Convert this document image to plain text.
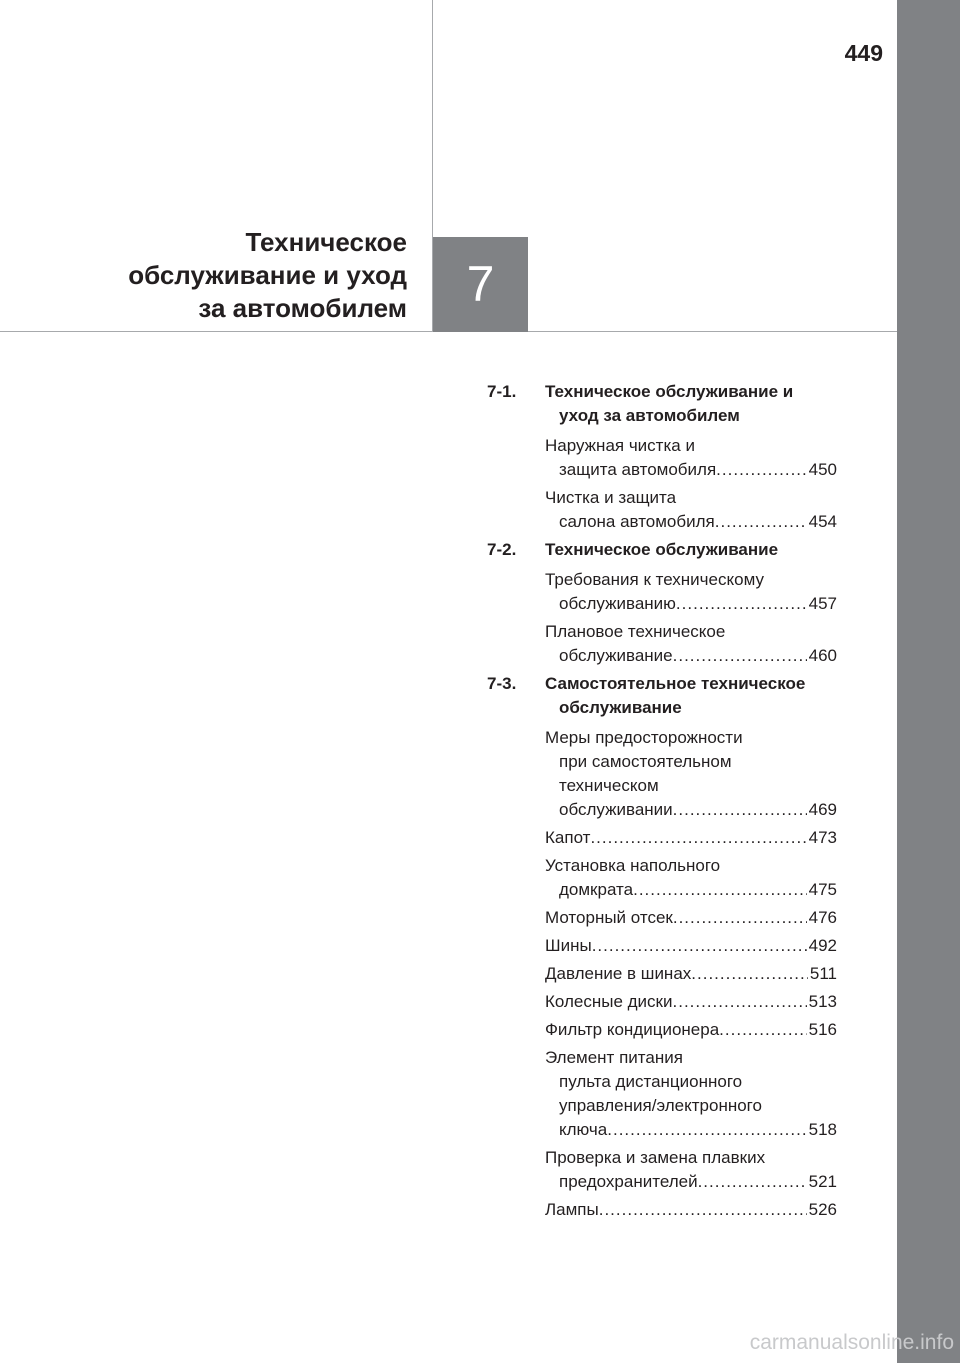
449
Техническое
обслуживание и уход
за автомобилем	7
7-1.	Техническое обслуживание и
уход за автомобилем
Наружная чистка и
защита автомобиля .....	450
Чистка и защита
салона автомобиля .....	454
7-2.	Техническое обслуживание
Требования к техническому
обслуживанию .....	457
Плановое техническое
обслуживание .....	460
7-3.	Самостоятельное техническое
обслуживание
Меры предосторожности
при самостоятельном
техническом
обслуживании .....	469
Капот .....	473
Установка напольного
домкрата .....	475
Моторный отсек .....	476
Шины .....	492
Давление в шинах .....	511
Колесные диски .....	513
Фильтр кондиционера .....	516
Элемент питания
пульта дистанционного
управления/электронного
ключа .....	518
Проверка и замена плавких
предохранителей .....	521
Лампы .....	526
carmanualsonline.info
